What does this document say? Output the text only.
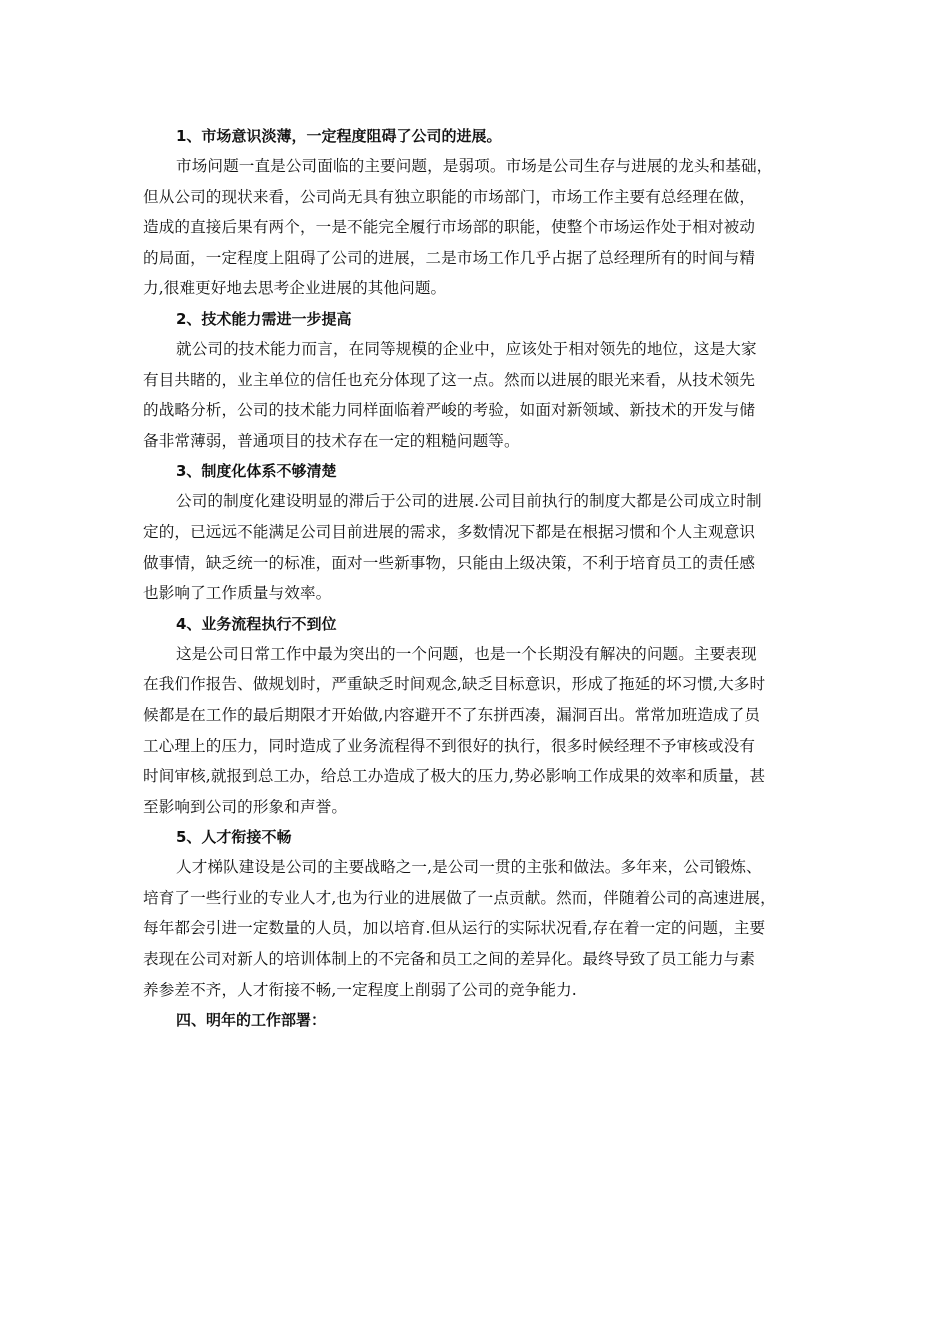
1、市场意识淡薄，一定程度阻碍了公司的进展。

市场问题一直是公司面临的主要问题，是弱项。市场是公司生存与进展的龙头和基础，
但从公司的现状来看，公司尚无具有独立职能的市场部门，市场工作主要有总经理在做，
造成的直接后果有两个，一是不能完全履行市场部的职能，使整个市场运作处于相对被动
的局面，一定程度上阻碍了公司的进展，二是市场工作几乎占据了总经理所有的时间与精
力,很难更好地去思考企业进展的其他问题。

2、技术能力需进一步提高

就公司的技术能力而言，在同等规模的企业中，应该处于相对领先的地位，这是大家
有目共睹的，业主单位的信任也充分体现了这一点。然而以进展的眼光来看，从技术领先
的战略分析，公司的技术能力同样面临着严峻的考验，如面对新领域、新技术的开发与储
备非常薄弱，普通项目的技术存在一定的粗糙问题等。

3、制度化体系不够清楚

公司的制度化建设明显的滞后于公司的进展.公司目前执行的制度大都是公司成立时制
定的，已远远不能满足公司目前进展的需求，多数情况下都是在根据习惯和个人主观意识
做事情，缺乏统一的标准，面对一些新事物，只能由上级决策，不利于培育员工的责任感
也影响了工作质量与效率。

4、业务流程执行不到位

这是公司日常工作中最为突出的一个问题，也是一个长期没有解决的问题。主要表现
在我们作报告、做规划时，严重缺乏时间观念,缺乏目标意识，形成了拖延的坏习惯,大多时
候都是在工作的最后期限才开始做,内容避开不了东拼西凑，漏洞百出。常常加班造成了员
工心理上的压力，同时造成了业务流程得不到很好的执行，很多时候经理不予审核或没有
时间审核,就报到总工办，给总工办造成了极大的压力,势必影响工作成果的效率和质量，甚
至影响到公司的形象和声誉。

5、人才衔接不畅

人才梯队建设是公司的主要战略之一,是公司一贯的主张和做法。多年来，公司锻炼、
培育了一些行业的专业人才,也为行业的进展做了一点贡献。然而，伴随着公司的高速进展，
每年都会引进一定数量的人员，加以培育.但从运行的实际状况看,存在着一定的问题，主要
表现在公司对新人的培训体制上的不完备和员工之间的差异化。最终导致了员工能力与素
养参差不齐，人才衔接不畅,一定程度上削弱了公司的竞争能力.

四、明年的工作部署：
